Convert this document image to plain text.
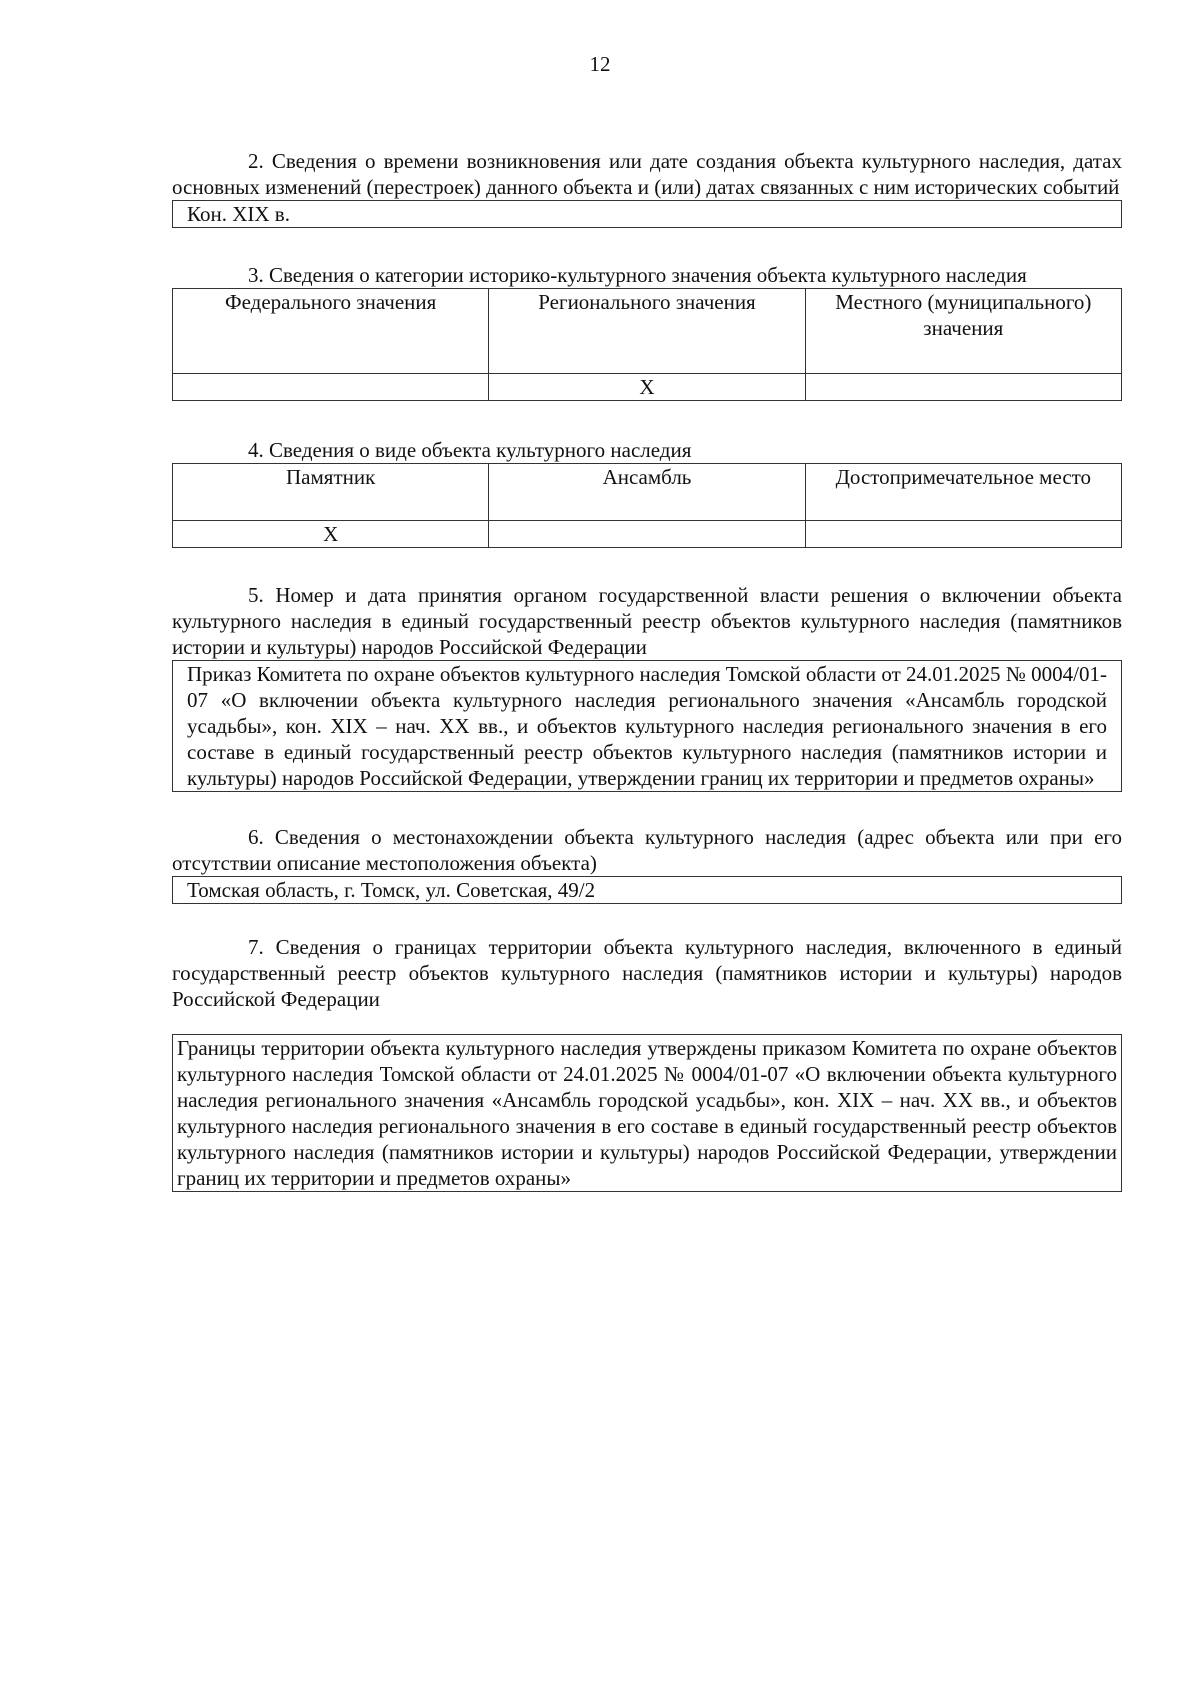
12

2. Сведения о времени возникновения или дате создания объекта культурного наследия, датах основных изменений (перестроек) данного объекта и (или) датах связанных с ним исторических событий

Кон. XIX в.

3. Сведения о категории историко-культурного значения объекта культурного наследия

Федерального значения	Регионального значения	Местного (муниципального) значения
	X	

4. Сведения о виде объекта культурного наследия

Памятник	Ансамбль	Достопримечательное место
X		

5. Номер и дата принятия органом государственной власти решения о включении объекта культурного наследия в единый государственный реестр объектов культурного наследия (памятников истории и культуры) народов Российской Федерации

Приказ Комитета по охране объектов культурного наследия Томской области от 24.01.2025 № 0004/01-07 «О включении объекта культурного наследия регионального значения «Ансамбль городской усадьбы», кон. XIX – нач. XX вв., и объектов культурного наследия регионального значения в его составе в единый государственный реестр объектов культурного наследия (памятников истории и культуры) народов Российской Федерации, утверждении границ их территории и предметов охраны»

6. Сведения о местонахождении объекта культурного наследия (адрес объекта или при его отсутствии описание местоположения объекта)

Томская область, г. Томск, ул. Советская, 49/2

7. Сведения о границах территории объекта культурного наследия, включенного в единый государственный реестр объектов культурного наследия (памятников истории и культуры) народов Российской Федерации

Границы территории объекта культурного наследия утверждены приказом Комитета по охране объектов культурного наследия Томской области от 24.01.2025 № 0004/01-07 «О включении объекта культурного наследия регионального значения «Ансамбль городской усадьбы», кон. XIX – нач. XX вв., и объектов культурного наследия регионального значения в его составе в единый государственный реестр объектов культурного наследия (памятников истории и культуры) народов Российской Федерации, утверждении границ их территории и предметов охраны»
